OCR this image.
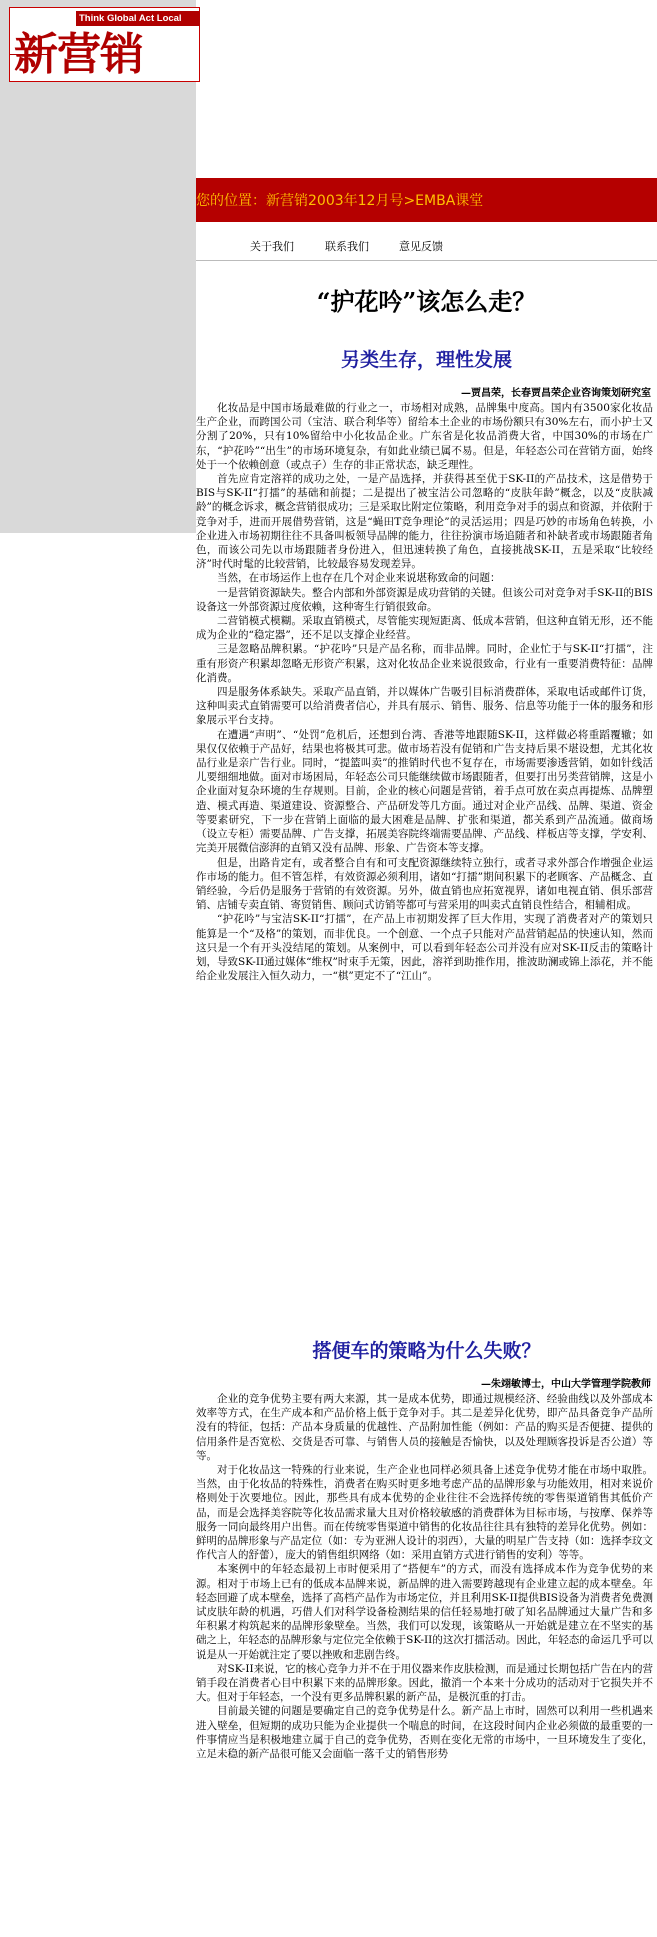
Think Global Act Local
新营销
您的位置：新营销2003年12月号>EMBA课堂
关于我们	联系我们	意见反馈
“护花吟”该怎么走？
另类生存，理性发展
—贾昌荣，长春贾昌荣企业咨询策划研究室

化妆品是中国市场最难做的行业之一，市场相对成熟，品牌集中度高。国内有3500家化妆品生产企业，而跨国公司（宝洁、联合利华等）留给本土企业的市场份额只有30%左右，而小护士又分割了20%，只有10%留给中小化妆品企业。广东省是化妆品消费大省，中国30%的市场在广东，“护花吟”“出生”的市场环境复杂，有如此业绩已属不易。但是，年轻态公司在营销方面，始终处于一个依赖创意（或点子）生存的非正常状态，缺乏理性。

首先应肯定溶祥的成功之处，一是产品选择，并获得甚至优于SK-II的产品技术，这是借势于BIS与SK-II“打擂”的基础和前提；二是提出了被宝洁公司忽略的“皮肤年龄”概念，以及“皮肤减龄”的概念诉求，概念营销很成功；三是采取比附定位策略，利用竞争对手的弱点和资源，并依附于竞争对手，进而开展借势营销，这是“蝇田T竞争理论”的灵活运用；四是巧妙的市场角色转换，小企业进入市场初期往往不具备叫板领导品牌的能力，往往扮演市场追随者和补缺者或市场跟随者角色，而该公司先以市场跟随者身份进入，但迅速转换了角色，直接挑战SK-II，五是采取“比较经济”时代时髦的比较营销，比较最容易发现差异。

当然，在市场运作上也存在几个对企业来说堪称致命的问题：

一是营销资源缺失。整合内部和外部资源是成功营销的关键。但该公司对竞争对手SK-II的BIS设备这一外部资源过度依赖，这种寄生行销很致命。

二营销模式模糊。采取直销模式，尽管能实现短距离、低成本营销，但这种直销无形，还不能成为企业的“稳定器”，还不足以支撑企业经营。

三是忽略品牌积累。“护花吟”只是产品名称，而非品牌。同时，企业忙于与SK-II“打擂”，注重有形资产积累却忽略无形资产积累，这对化妆品企业来说很致命，行业有一重要消费特征：品牌化消费。

四是服务体系缺失。采取产品直销，并以媒体广告吸引目标消费群体，采取电话或邮件订货，这种叫卖式直销需要可以给消费者信心，并具有展示、销售、服务、信息等功能于一体的服务和形象展示平台支持。

在遭遇“声明”、“处罚”危机后，还想到台湾、香港等地跟随SK-II，这样做必将重蹈覆辙；如果仅仅依赖于产品好，结果也将极其可悲。做市场若没有促销和广告支持后果不堪设想，尤其化妆品行业是亲广告行业。同时，“提篮叫卖”的推销时代也不复存在，市场需要渗透营销，如如针线活儿要细细地做。面对市场困局，年轻态公司只能继续做市场跟随者，但要打出另类营销牌，这是小企业面对复杂环境的生存规则。目前，企业的核心问题是营销，着手点可放在卖点再提炼、品牌塑造、模式再造、渠道建设、资源整合、产品研发等几方面。通过对企业产品线、品牌、渠道、资金等要素研究，下一步在营销上面临的最大困难是品牌、扩张和渠道，都关系到产品流通。做商场（设立专柜）需要品牌、广告支撑，拓展美容院终端需要品牌、产品线、样板店等支撑，学安利、完美开展微信澎湃的直销又没有品牌、形象、广告资本等支撑。

但是，出路肯定有，或者整合自有和可支配资源继续特立独行，或者寻求外部合作增强企业运作市场的能力。但不管怎样，有效资源必须利用，诸如“打擂”期间积累下的老顾客、产品概念、直销经验，今后仍是服务于营销的有效资源。另外，做直销也应拓宽视界，诸如电视直销、俱乐部营销、店铺专卖直销、寄贸销售、顾问式访销等都可与营采用的叫卖式直销良性结合，相辅相成。

“护花吟”与宝洁SK-II“打擂”，在产品上市初期发挥了巨大作用，实现了消费者对产的策划只能算是一个“及格”的策划，而非优良。一个创意、一个点子只能对产品营销起品的快速认知，然而这只是一个有开头没结尾的策划。从案例中，可以看到年轻态公司并没有应对SK-II反击的策略计划，导致SK-II通过媒体“维权”时束手无策，因此，溶祥到助推作用，推波助澜或锦上添花，并不能给企业发展注入恒久动力，一“棋”更定不了“江山”。

搭便车的策略为什么失败？
—朱翊敏博士，中山大学管理学院教师

企业的竞争优势主要有两大来源，其一是成本优势，即通过规模经济、经验曲线以及外部成本效率等方式，在生产成本和产品价格上低于竞争对手。其二是差异化优势，即产品具备竞争产品所没有的特征，包括：产品本身质量的优越性、产品附加性能（例如：产品的购买是否便捷、提供的信用条件是否宽松、交货是否可靠、与销售人员的接触是否愉快，以及处理顾客投诉是否公道）等等。

对于化妆品这一特殊的行业来说，生产企业也同样必须具备上述竞争优势才能在市场中取胜。当然，由于化妆品的特殊性，消费者在购买时更多地考虑产品的品牌形象与功能效用，相对来说价格则处于次要地位。因此，那些具有成本优势的企业往往不会选择传统的零售渠道销售其低价产品，而是会选择美容院等化妆品需求量大且对价格较敏感的消费群体为目标市场，与按摩、保养等服务一同向最终用户出售。而在传统零售渠道中销售的化妆品往往具有独特的差异化优势。例如：鲜明的品牌形象与产品定位（如：专为亚洲人设计的羽西），大量的明星广告支持（如：选择李玟文作代言人的舒蕾），庞大的销售组织网络（如：采用直销方式进行销售的安利）等等。

本案例中的年轻态最初上市时便采用了“搭便车”的方式，而没有选择成本作为竞争优势的来源。相对于市场上已有的低成本品牌来说，新品牌的进入需要跨越现有企业建立起的成本壁垒。年轻态回避了成本壁垒，选择了高档产品作为市场定位，并且利用SK-II提供BIS设备为消费者免费测试皮肤年龄的机遇，巧借人们对科学设备检测结果的信任轻易地打破了知名品牌通过大量广告和多年积累才构筑起来的品牌形象壁垒。当然，我们可以发现，该策略从一开始就是建立在不坚实的基础之上，年轻态的品牌形象与定位完全依赖于SK-II的这次打擂活动。因此，年轻态的命运几乎可以说是从一开始就注定了要以挫败和悲剧告终。

对SK-II来说，它的核心竞争力并不在于用仪器来作皮肤检测，而是通过长期包括广告在内的营销手段在消费者心目中积累下来的品牌形象。因此，撤消一个本来十分成功的活动对于它损失并不大。但对于年轻态，一个没有更多品牌积累的新产品，是极沉重的打击。

目前最关键的问题是要确定自己的竞争优势是什么。新产品上市时，固然可以利用一些机遇来进入壁垒，但短期的成功只能为企业提供一个喘息的时间，在这段时间内企业必须做的最重要的一件事情应当是积极地建立属于自己的竞争优势，否则在变化无常的市场中，一旦环境发生了变化，立足未稳的新产品很可能又会面临一落千丈的销售形势
